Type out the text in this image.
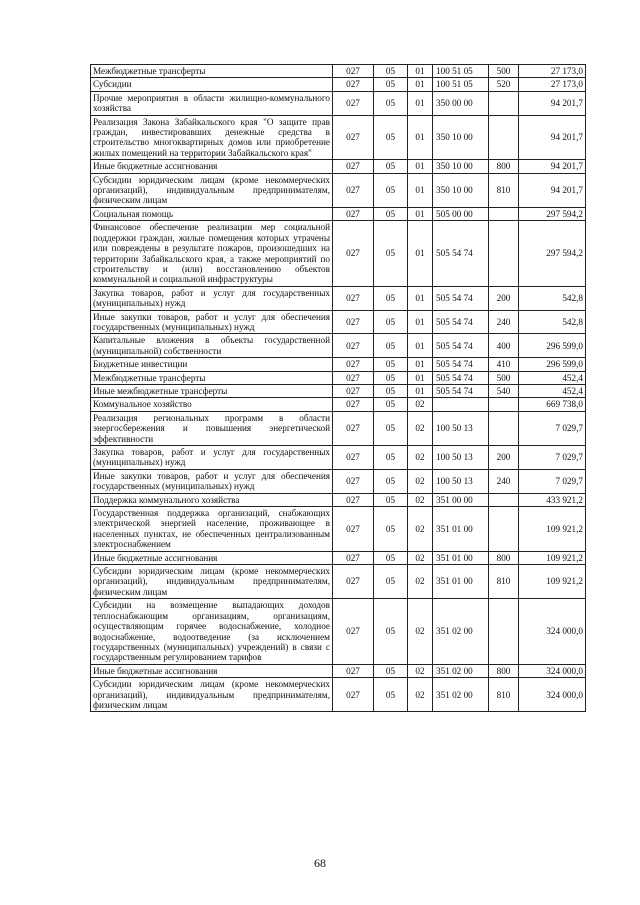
Межбюджетные трансферты	027	05	01	100 51 05	500	27 173,0
Субсидии	027	05	01	100 51 05	520	27 173,0
Прочие мероприятия в области жилищно-коммунального хозяйства	027	05	01	350 00 00		94 201,7
Реализация Закона Забайкальского края "О защите прав граждан, инвестировавших денежные средства в строительство многоквартирных домов или приобретение жилых помещений на территории Забайкальского края"	027	05	01	350 10 00		94 201,7
Иные бюджетные ассигнования	027	05	01	350 10 00	800	94 201,7
Субсидии юридическим лицам (кроме некоммерческих организаций), индивидуальным предпринимателям, физическим лицам	027	05	01	350 10 00	810	94 201,7
Социальная помощь	027	05	01	505 00 00		297 594,2
Финансовое обеспечение реализации мер социальной поддержки граждан, жилые помещения которых утрачены или повреждены в результате пожаров, произошедших на территории Забайкальского края, а также мероприятий по строительству и (или) восстановлению объектов коммунальной и социальной инфраструктуры	027	05	01	505 54 74		297 594,2
Закупка товаров, работ и услуг для государственных (муниципальных) нужд	027	05	01	505 54 74	200	542,8
Иные закупки товаров, работ и услуг для обеспечения государственных (муниципальных) нужд	027	05	01	505 54 74	240	542,8
Капитальные вложения в объекты государственной (муниципальной) собственности	027	05	01	505 54 74	400	296 599,0
Бюджетные инвестиции	027	05	01	505 54 74	410	296 599,0
Межбюджетные трансферты	027	05	01	505 54 74	500	452,4
Иные межбюджетные трансферты	027	05	01	505 54 74	540	452,4
Коммунальное хозяйство	027	05	02			669 738,0
Реализация региональных программ в области энергосбережения и повышения энергетической эффективности	027	05	02	100 50 13		7 029,7
Закупка товаров, работ и услуг для государственных (муниципальных) нужд	027	05	02	100 50 13	200	7 029,7
Иные закупки товаров, работ и услуг для обеспечения государственных (муниципальных) нужд	027	05	02	100 50 13	240	7 029,7
Поддержка коммунального хозяйства	027	05	02	351 00 00		433 921,2
Государственная поддержка организаций, снабжающих электрической энергией население, проживающее в населенных пунктах, не обеспеченных централизованным электроснабжением	027	05	02	351 01 00		109 921,2
Иные бюджетные ассигнования	027	05	02	351 01 00	800	109 921,2
Субсидии юридическим лицам (кроме некоммерческих организаций), индивидуальным предпринимателям, физическим лицам	027	05	02	351 01 00	810	109 921,2
Субсидии на возмещение выпадающих доходов теплоснабжающим организациям, организациям, осуществляющим горячее водоснабжение, холодное водоснабжение, водоотведение (за исключением государственных (муниципальных) учреждений) в связи с государственным регулированием тарифов	027	05	02	351 02 00		324 000,0
Иные бюджетные ассигнования	027	05	02	351 02 00	800	324 000,0
Субсидии юридическим лицам (кроме некоммерческих организаций), индивидуальным предпринимателям, физическим лицам	027	05	02	351 02 00	810	324 000,0
68
